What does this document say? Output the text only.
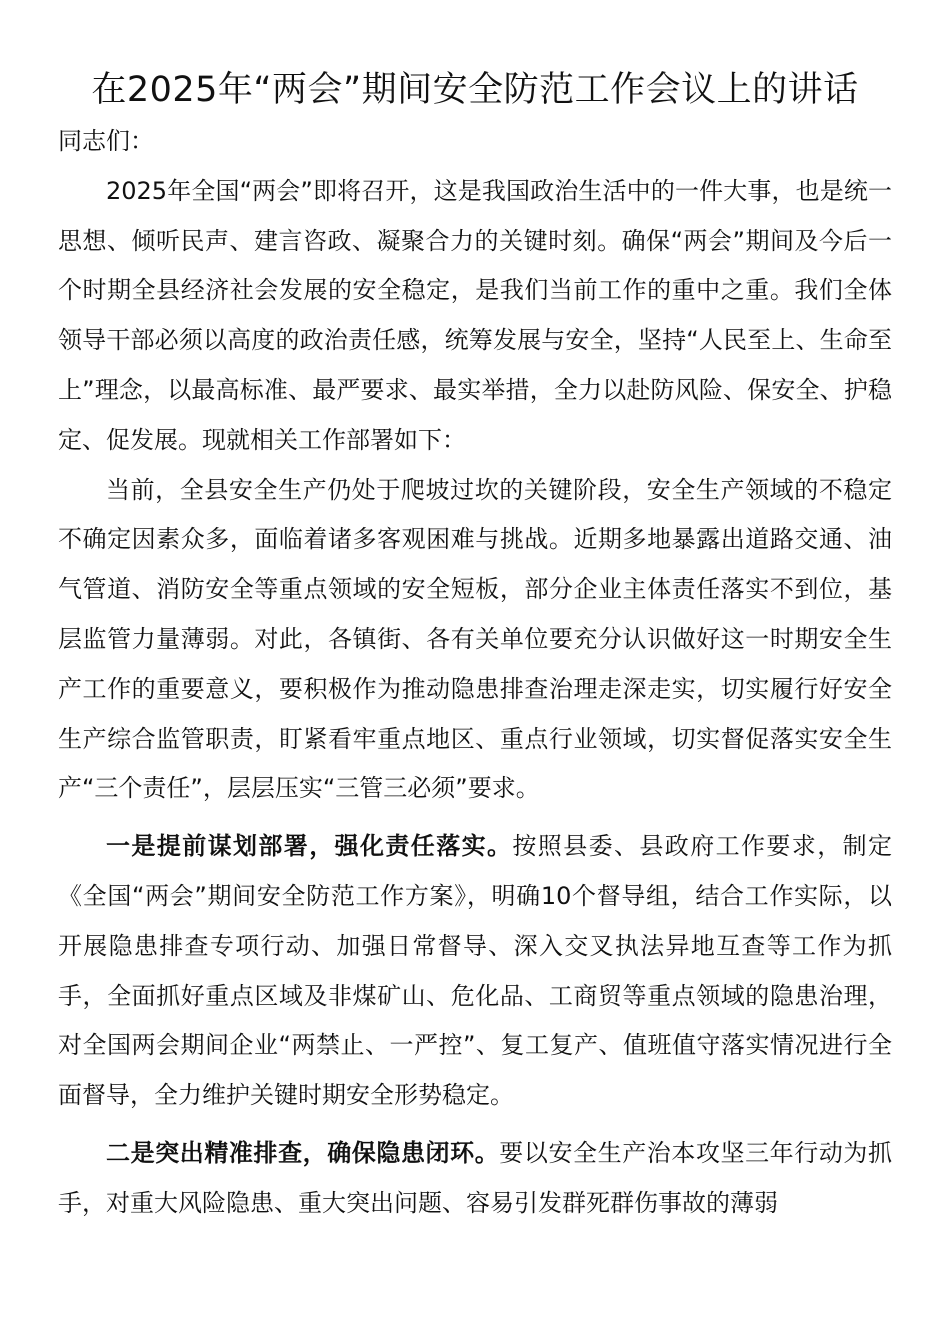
在2025年“两会”期间安全防范工作会议上的讲话

同志们：

2025年全国“两会”即将召开，这是我国政治生活中的一件大事，也是统一思想、倾听民声、建言咨政、凝聚合力的关键时刻。确保“两会”期间及今后一个时期全县经济社会发展的安全稳定，是我们当前工作的重中之重。我们全体领导干部必须以高度的政治责任感，统筹发展与安全，坚持“人民至上、生命至上”理念，以最高标准、最严要求、最实举措，全力以赴防风险、保安全、护稳定、促发展。现就相关工作部署如下：

当前，全县安全生产仍处于爬坡过坎的关键阶段，安全生产领域的不稳定不确定因素众多，面临着诸多客观困难与挑战。近期多地暴露出道路交通、油气管道、消防安全等重点领域的安全短板，部分企业主体责任落实不到位，基层监管力量薄弱。对此，各镇街、各有关单位要充分认识做好这一时期安全生产工作的重要意义，要积极作为推动隐患排查治理走深走实，切实履行好安全生产综合监管职责，盯紧看牢重点地区、重点行业领域，切实督促落实安全生产“三个责任”，层层压实“三管三必须”要求。

一是提前谋划部署，强化责任落实。按照县委、县政府工作要求，制定《全国“两会”期间安全防范工作方案》，明确10个督导组，结合工作实际，以开展隐患排查专项行动、加强日常督导、深入交叉执法异地互查等工作为抓手，全面抓好重点区域及非煤矿山、危化品、工商贸等重点领域的隐患治理，对全国两会期间企业“两禁止、一严控”、复工复产、值班值守落实情况进行全面督导，全力维护关键时期安全形势稳定。

二是突出精准排查，确保隐患闭环。要以安全生产治本攻坚三年行动为抓手，对重大风险隐患、重大突出问题、容易引发群死群伤事故的薄弱
